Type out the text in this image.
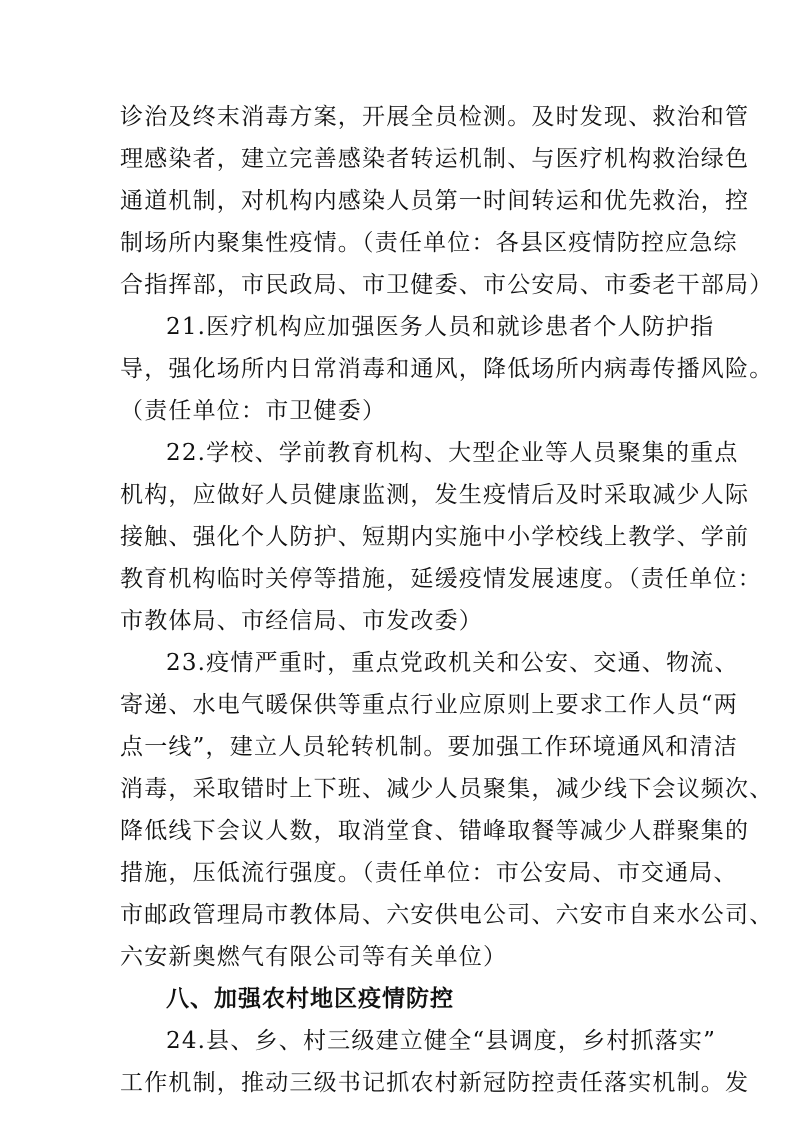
诊治及终末消毒方案，开展全员检测。及时发现、救治和管
理感染者，建立完善感染者转运机制、与医疗机构救治绿色
通道机制，对机构内感染人员第一时间转运和优先救治，控
制场所内聚集性疫情。（责任单位：各县区疫情防控应急综
合指挥部，市民政局、市卫健委、市公安局、市委老干部局）
21.医疗机构应加强医务人员和就诊患者个人防护指
导，强化场所内日常消毒和通风，降低场所内病毒传播风险。
（责任单位：市卫健委）
22.学校、学前教育机构、大型企业等人员聚集的重点
机构，应做好人员健康监测，发生疫情后及时采取减少人际
接触、强化个人防护、短期内实施中小学校线上教学、学前
教育机构临时关停等措施，延缓疫情发展速度。（责任单位：
市教体局、市经信局、市发改委）
23.疫情严重时，重点党政机关和公安、交通、物流、
寄递、水电气暖保供等重点行业应原则上要求工作人员“两
点一线”，建立人员轮转机制。要加强工作环境通风和清洁
消毒，采取错时上下班、减少人员聚集，减少线下会议频次、
降低线下会议人数，取消堂食、错峰取餐等减少人群聚集的
措施，压低流行强度。（责任单位：市公安局、市交通局、
市邮政管理局市教体局、六安供电公司、六安市自来水公司、
六安新奥燃气有限公司等有关单位）
八、加强农村地区疫情防控
24.县、乡、村三级建立健全“县调度，乡村抓落实”
工作机制，推动三级书记抓农村新冠防控责任落实机制。发
